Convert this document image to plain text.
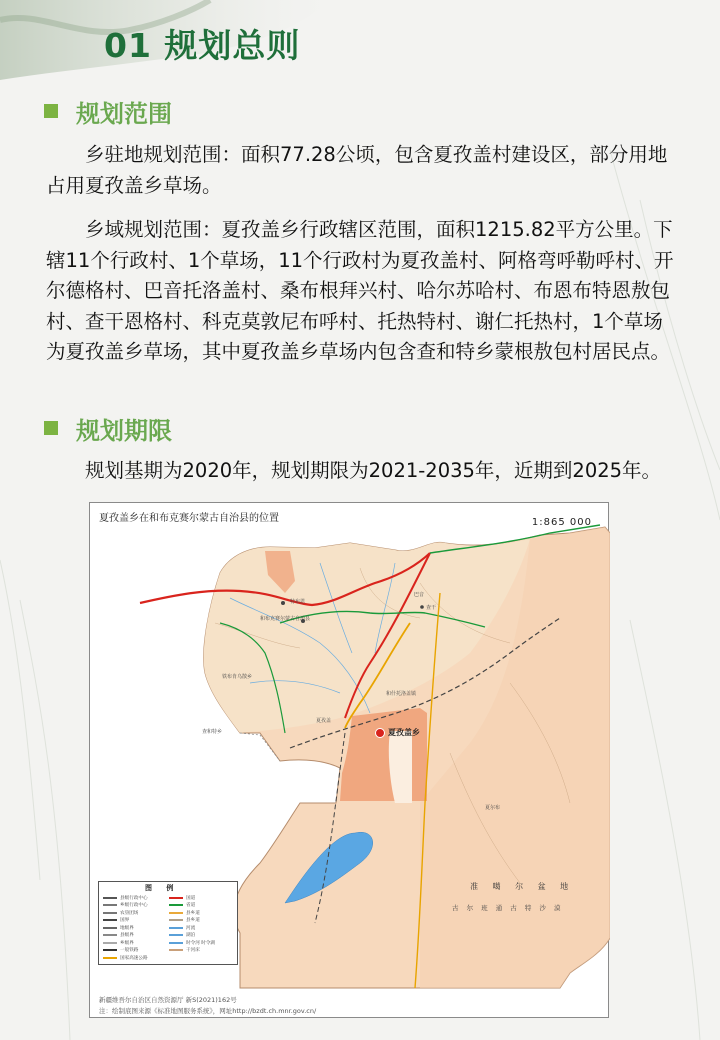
01 规划总则
规划范围

乡驻地规划范围：面积77.28公顷，包含夏孜盖村建设区，部分用地占用夏孜盖乡草场。

乡域规划范围：夏孜盖乡行政辖区范围，面积1215.82平方公里。下辖11个行政村、1个草场，11个行政村为夏孜盖村、阿格弯呼勒呼村、开尔德格村、巴音托洛盖村、桑布根拜兴村、哈尔苏哈村、布恩布特恩敖包村、查干恩格村、科克莫敦尼布呼村、托热特村、谢仁托热村，1个草场为夏孜盖乡草场，其中夏孜盖乡草场内包含查和特乡蒙根敖包村居民点。

规划期限

规划基期为2020年，规划期限为2021-2035年，近期到2025年。

夏孜盖乡在和布克赛尔蒙古自治县的位置	1:865 000
夏孜盖乡
和布克赛尔蒙古自治县
夏孜盖
特布恩
巴音
查干
和什托洛盖镇
夏尔布
铁布肯乌散乡
查和特乡
准 噶 尔 盆 地
古 尔 班 通 古 特 沙 漠
图 例
县级行政中心
乡级行政中心
农垦团场
国界
地级界
县级界
乡级界
一般铁路
国家高速公路
国道
省道
县乡道
县乡道
河流
湖泊
时令河 时令湖
干河床
新疆维吾尔自治区自然资源厅 新S(2021)162号
注：绘制底图来源《标准地图服务系统》，网址http://bzdt.ch.mnr.gov.cn/
